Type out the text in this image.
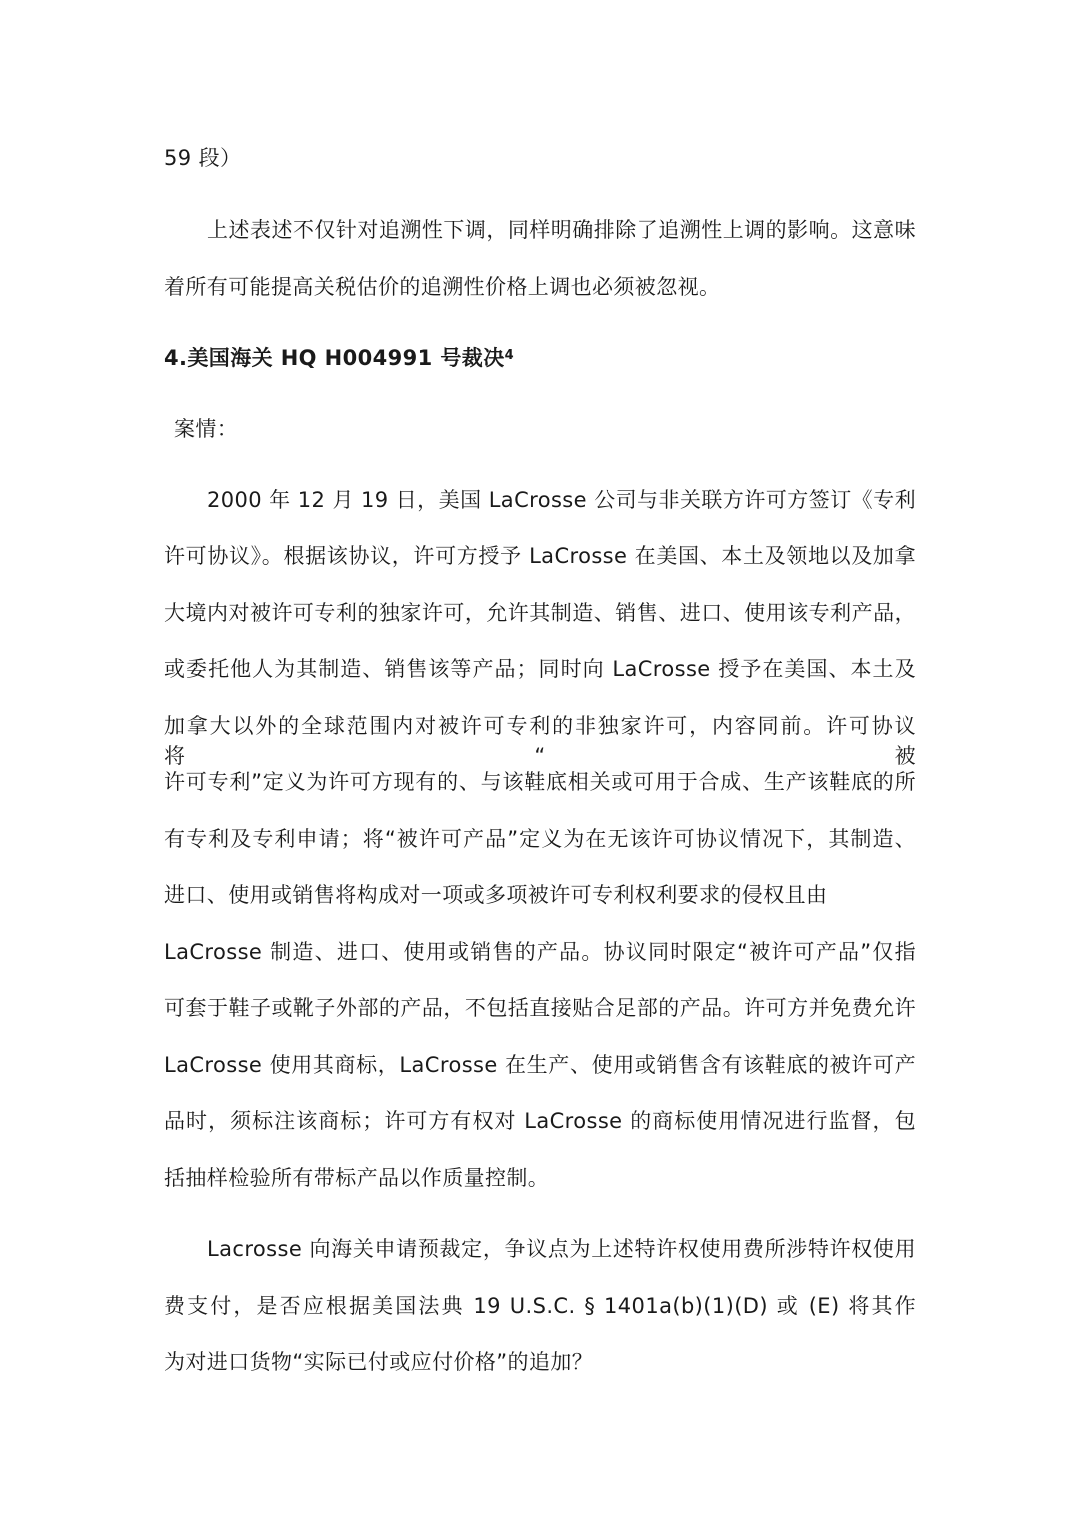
59 段）
上述表述不仅针对追溯性下调，同样明确排除了追溯性上调的影响。这意味
着所有可能提高关税估价的追溯性价格上调也必须被忽视。
4.美国海关 HQ H004991 号裁决$^4$
案情：
2000 年 12 月 19 日，美国 LaCrosse 公司与非关联方许可方签订《专利
许可协议》。根据该协议，许可方授予 LaCrosse 在美国、本土及领地以及加拿
大境内对被许可专利的独家许可，允许其制造、销售、进口、使用该专利产品，
或委托他人为其制造、销售该等产品；同时向 LaCrosse 授予在美国、本土及
加拿大以外的全球范围内对被许可专利的非独家许可，内容同前。许可协议将“被
许可专利”定义为许可方现有的、与该鞋底相关或可用于合成、生产该鞋底的所
有专利及专利申请；将“被许可产品”定义为在无该许可协议情况下，其制造、
进口、使用或销售将构成对一项或多项被许可专利权利要求的侵权且由
LaCrosse 制造、进口、使用或销售的产品。协议同时限定“被许可产品”仅指
可套于鞋子或靴子外部的产品，不包括直接贴合足部的产品。许可方并免费允许
LaCrosse 使用其商标，LaCrosse 在生产、使用或销售含有该鞋底的被许可产
品时，须标注该商标；许可方有权对 LaCrosse 的商标使用情况进行监督，包
括抽样检验所有带标产品以作质量控制。
Lacrosse 向海关申请预裁定，争议点为上述特许权使用费所涉特许权使用
费支付，是否应根据美国法典 19 U.S.C. § 1401a(b)(1)(D) 或 (E) 将其作
为对进口货物“实际已付或应付价格”的追加？
